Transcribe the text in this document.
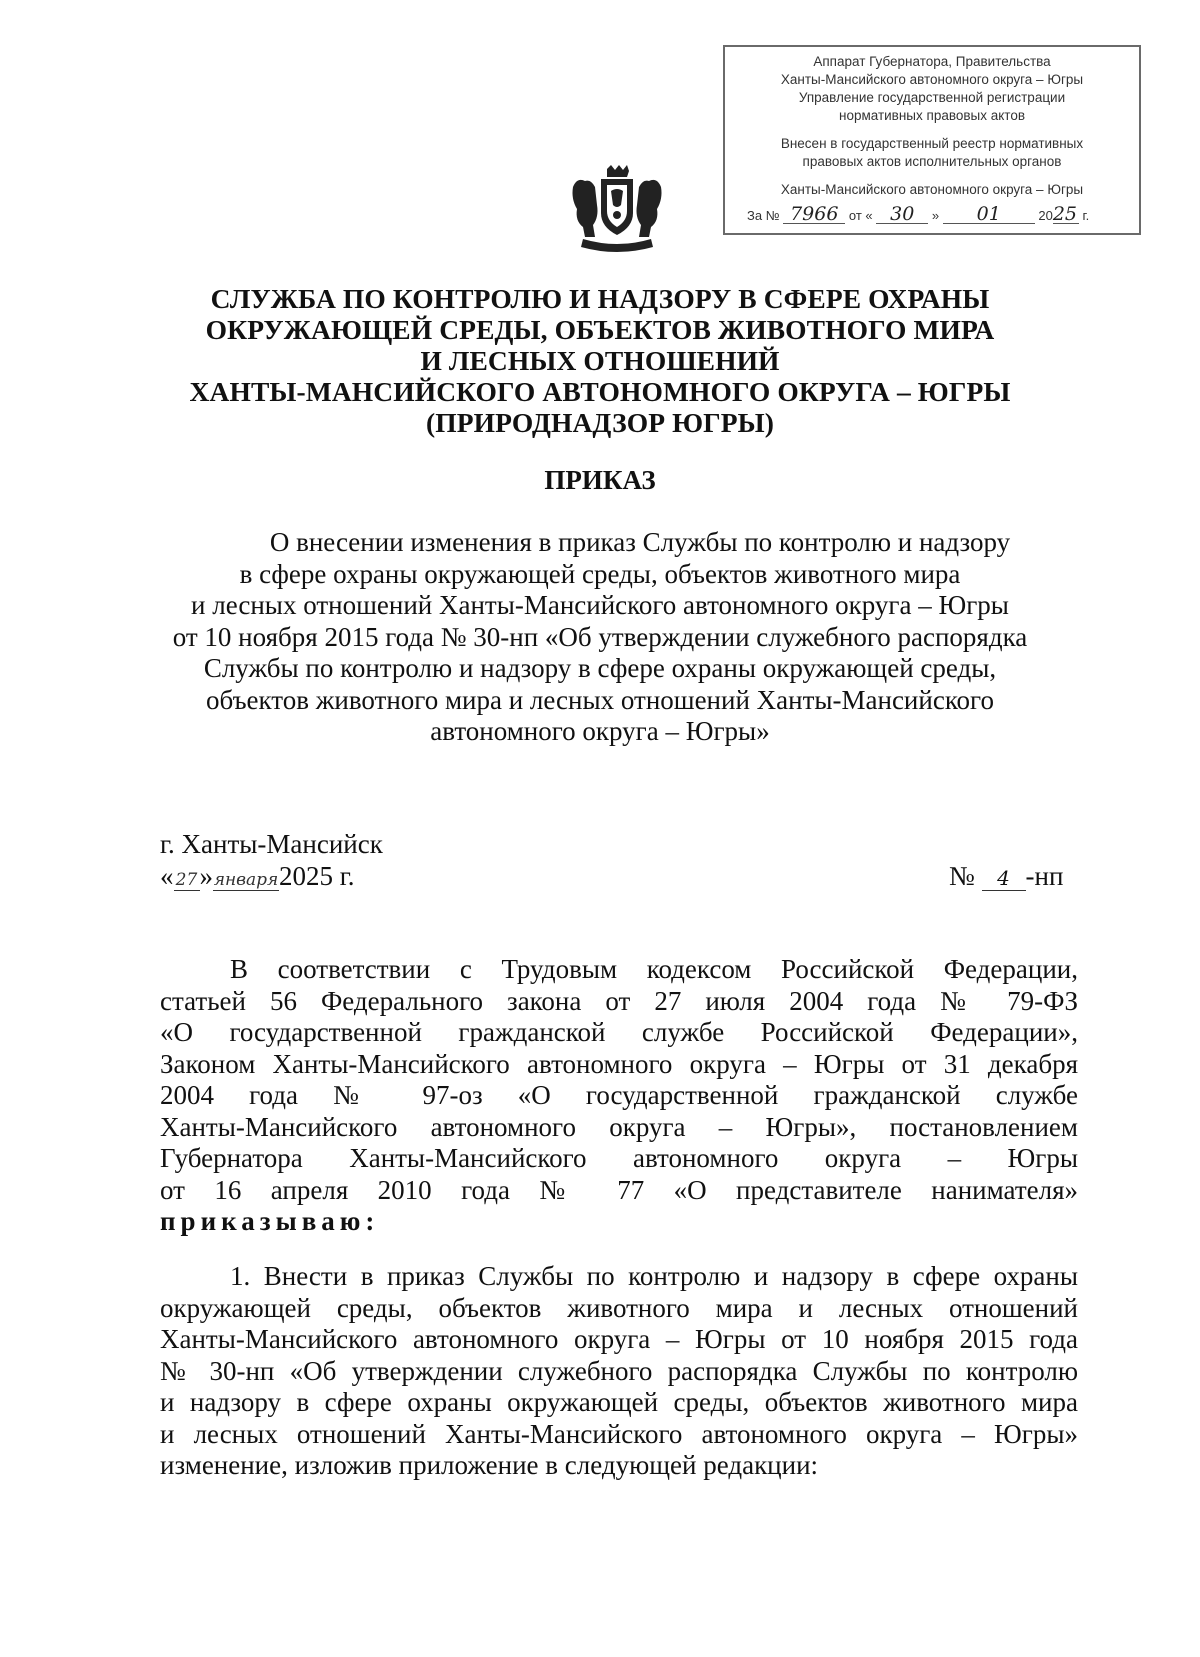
Аппарат Губернатора, Правительства
Ханты-Мансийского автономного округа – Югры
Управление государственной регистрации
нормативных правовых актов
Внесен в государственный реестр нормативных
правовых актов исполнительных органов
Ханты-Мансийского автономного округа – Югры
За № 7966 от « 30 » 01	2025 г.
СЛУЖБА ПО КОНТРОЛЮ И НАДЗОРУ В СФЕРЕ ОХРАНЫ
ОКРУЖАЮЩЕЙ СРЕДЫ, ОБЪЕКТОВ ЖИВОТНОГО МИРА
И ЛЕСНЫХ ОТНОШЕНИЙ
ХАНТЫ-МАНСИЙСКОГО АВТОНОМНОГО ОКРУГА – ЮГРЫ
(ПРИРОДНАДЗОР ЮГРЫ)
ПРИКАЗ
О внесении изменения в приказ Службы по контролю и надзору
в сфере охраны окружающей среды, объектов животного мира
и лесных отношений Ханты-Мансийского автономного округа – Югры
от 10 ноября 2015 года № 30-нп «Об утверждении служебного распорядка
Службы по контролю и надзору в сфере охраны окружающей среды,
объектов животного мира и лесных отношений Ханты-Мансийского
автономного округа – Югры»
г. Ханты-Мансийск
« 27»января2025 г.	№ 4 -нп
В соответствии с Трудовым кодексом Российской Федерации,
статьей 56 Федерального закона от 27 июля 2004 года № 79-ФЗ
«О государственной гражданской службе Российской Федерации»,
Законом Ханты-Мансийского автономного округа – Югры от 31 декабря
2004 года № 97-оз «О государственной гражданской службе
Ханты-Мансийского автономного округа – Югры», постановлением
Губернатора Ханты-Мансийского автономного округа – Югры
от 16 апреля 2010 года № 77 «О представителе нанимателя»
приказываю:
1. Внести в приказ Службы по контролю и надзору в сфере охраны
окружающей среды, объектов животного мира и лесных отношений
Ханты-Мансийского автономного округа – Югры от 10 ноября 2015 года
№ 30-нп «Об утверждении служебного распорядка Службы по контролю
и надзору в сфере охраны окружающей среды, объектов животного мира
и лесных отношений Ханты-Мансийского автономного округа – Югры»
изменение, изложив приложение в следующей редакции:
